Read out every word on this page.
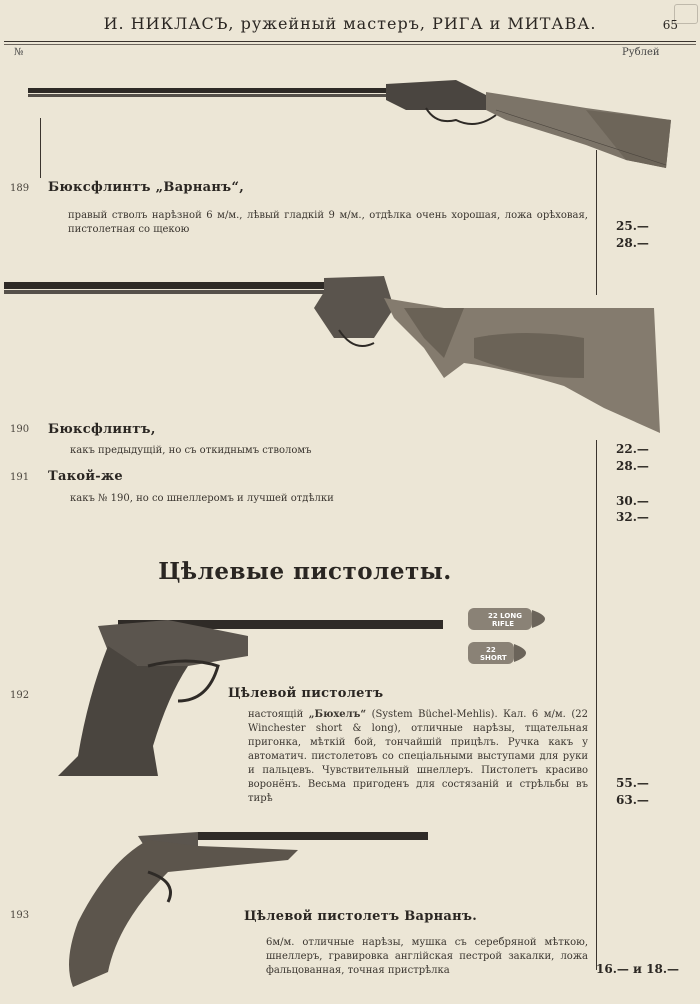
И. НИКЛАСЪ, ружейный мастеръ, РИГА и МИТАВА.	65
№	Рублей
189 Бюксфлинтъ „Варнанъ“,
правый стволъ нарѣзной 6 м/м., лѣвый гладкій 9 м/м., отдѣлка очень хорошая, ложа орѣховая, пистолетная со щекою	25.—
28.—
190 Бюксфлинтъ,
какъ предыдущій, но съ откиднымъ стволомъ	22.—
28.—
191 Такой-же
какъ № 190, но со шнеллеромъ и лучшей отдѣлки	30.—
32.—
Цѣлевые пистолеты.
22 LONG
RIFLE
22
SHORT
192	Цѣлевой пистолетъ
настоящій „Бюхелъ“ (System Büchel-Mehlis). Кал. 6 м/м. (22 Winchester short & long), отличные нарѣзы, тщательная пригонка, мѣткій бой, тончайшій прицѣлъ. Ручка какъ у автоматич. пистолетовъ со спеціальными выступами для руки и пальцевъ. Чувствительный шнеллеръ. Пистолетъ красиво воронёнъ. Весьма пригоденъ для состязаній и стрѣльбы въ тирѣ
55.—
63.—
193	Цѣлевой пистолетъ Варнанъ.
6м/м. отличные нарѣзы, мушка съ серебряной мѣткою, шнеллеръ, гравировка англійская пестрой закалки, ложа фальцованная, точная пристрѣлка	16.— и 18.—
